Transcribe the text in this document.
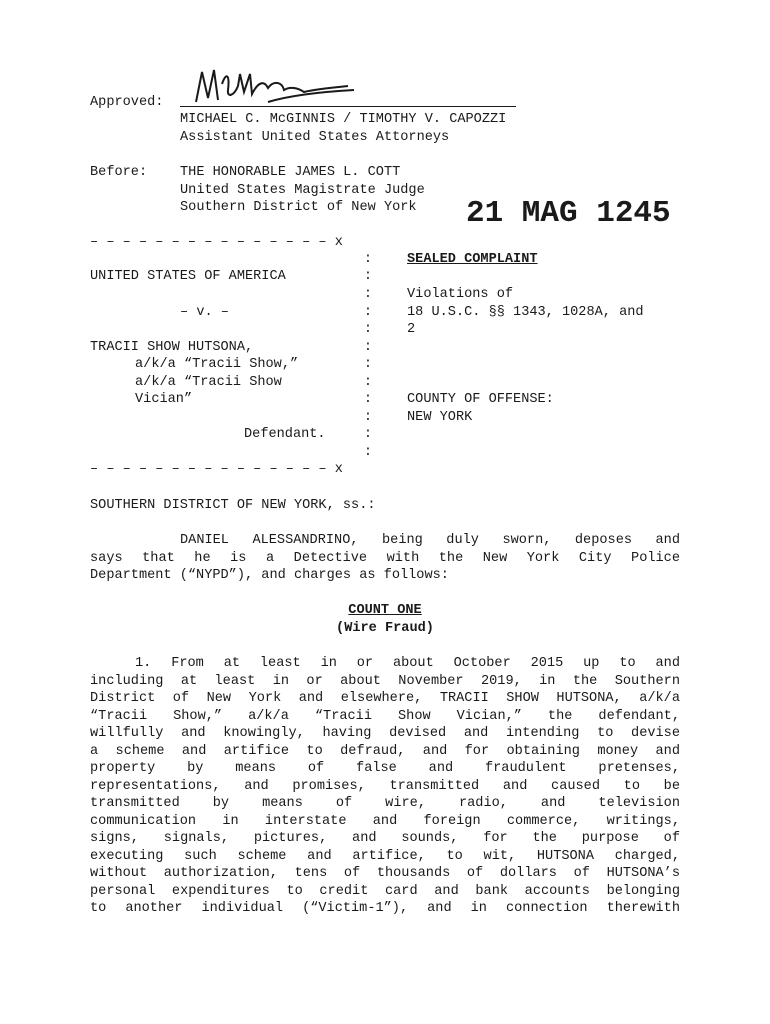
Approved:
MICHAEL C. McGINNIS / TIMOTHY V. CAPOZZI
Assistant United States Attorneys
Before: THE HONORABLE JAMES L. COTT
United States Magistrate Judge
Southern District of New York 21 MAG 1245
– – – – – – – – – – – – – – – x
:
:
:
:
:
:
:
:
:
:
:
:
SEALED COMPLAINT
UNITED STATES OF AMERICA
Violations of
– v. –	18 U.S.C. §§ 1343, 1028A, and
2
TRACII SHOW HUTSONA,
a/k/a “Tracii Show,”
a/k/a “Tracii Show
Vician”	COUNTY OF OFFENSE:
NEW YORK
Defendant.
– – – – – – – – – – – – – – – x
SOUTHERN DISTRICT OF NEW YORK, ss.:
DANIEL ALESSANDRINO, being duly sworn, deposes and
says that he is a Detective with the New York City Police
Department (“NYPD”), and charges as follows:
COUNT ONE
(Wire Fraud)
1. From at least in or about October 2015 up to and
including at least in or about November 2019, in the Southern
District of New York and elsewhere, TRACII SHOW HUTSONA, a/k/a
“Tracii Show,” a/k/a “Tracii Show Vician,” the defendant,
willfully and knowingly, having devised and intending to devise
a scheme and artifice to defraud, and for obtaining money and
property by means of false and fraudulent pretenses,
representations, and promises, transmitted and caused to be
transmitted by means of wire, radio, and television
communication in interstate and foreign commerce, writings,
signs, signals, pictures, and sounds, for the purpose of
executing such scheme and artifice, to wit, HUTSONA charged,
without authorization, tens of thousands of dollars of HUTSONA’s
personal expenditures to credit card and bank accounts belonging
to another individual (“Victim-1”), and in connection therewith
